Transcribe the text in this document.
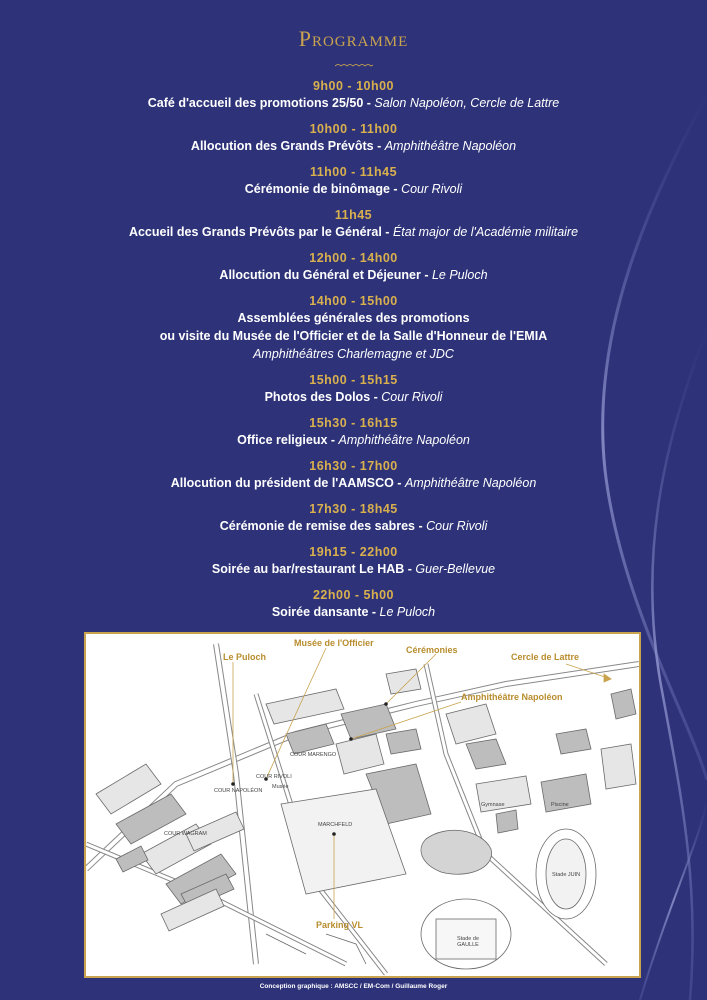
Programme
9h00 - 10h00
Café d'accueil des promotions 25/50 - Salon Napoléon, Cercle de Lattre
10h00 - 11h00
Allocution des Grands Prévôts - Amphithéâtre Napoléon
11h00 - 11h45
Cérémonie de binômage - Cour Rivoli
11h45
Accueil des Grands Prévôts par le Général - État major de l'Académie militaire
12h00 - 14h00
Allocution du Général et Déjeuner - Le Puloch
14h00 - 15h00
Assemblées générales des promotions
ou visite du Musée de l'Officier et de la Salle d'Honneur de l'EMIA
Amphithéâtres Charlemagne et JDC
15h00 - 15h15
Photos des Dolos - Cour Rivoli
15h30 - 16h15
Office religieux - Amphithéâtre Napoléon
16h30 - 17h00
Allocution du président de l'AAMSCO - Amphithéâtre Napoléon
17h30 - 18h45
Cérémonie de remise des sabres - Cour Rivoli
19h15 - 22h00
Soirée au bar/restaurant Le HAB - Guer-Bellevue
22h00 - 5h00
Soirée dansante - Le Puloch
Le Puloch
Musée de l'Officier
Cérémonies
Cercle de Lattre
Amphithéâtre Napoléon
Parking VL
COUR RIVOLI
COUR NAPOLÉON
COUR WAGRAM
MARCHFELD
COUR MARENGO
Musée
Gymnase	Piscine
Stade JUIN
Stade de GAULLE
Conception graphique : AMSCC / EM-Com / Guillaume Roger
